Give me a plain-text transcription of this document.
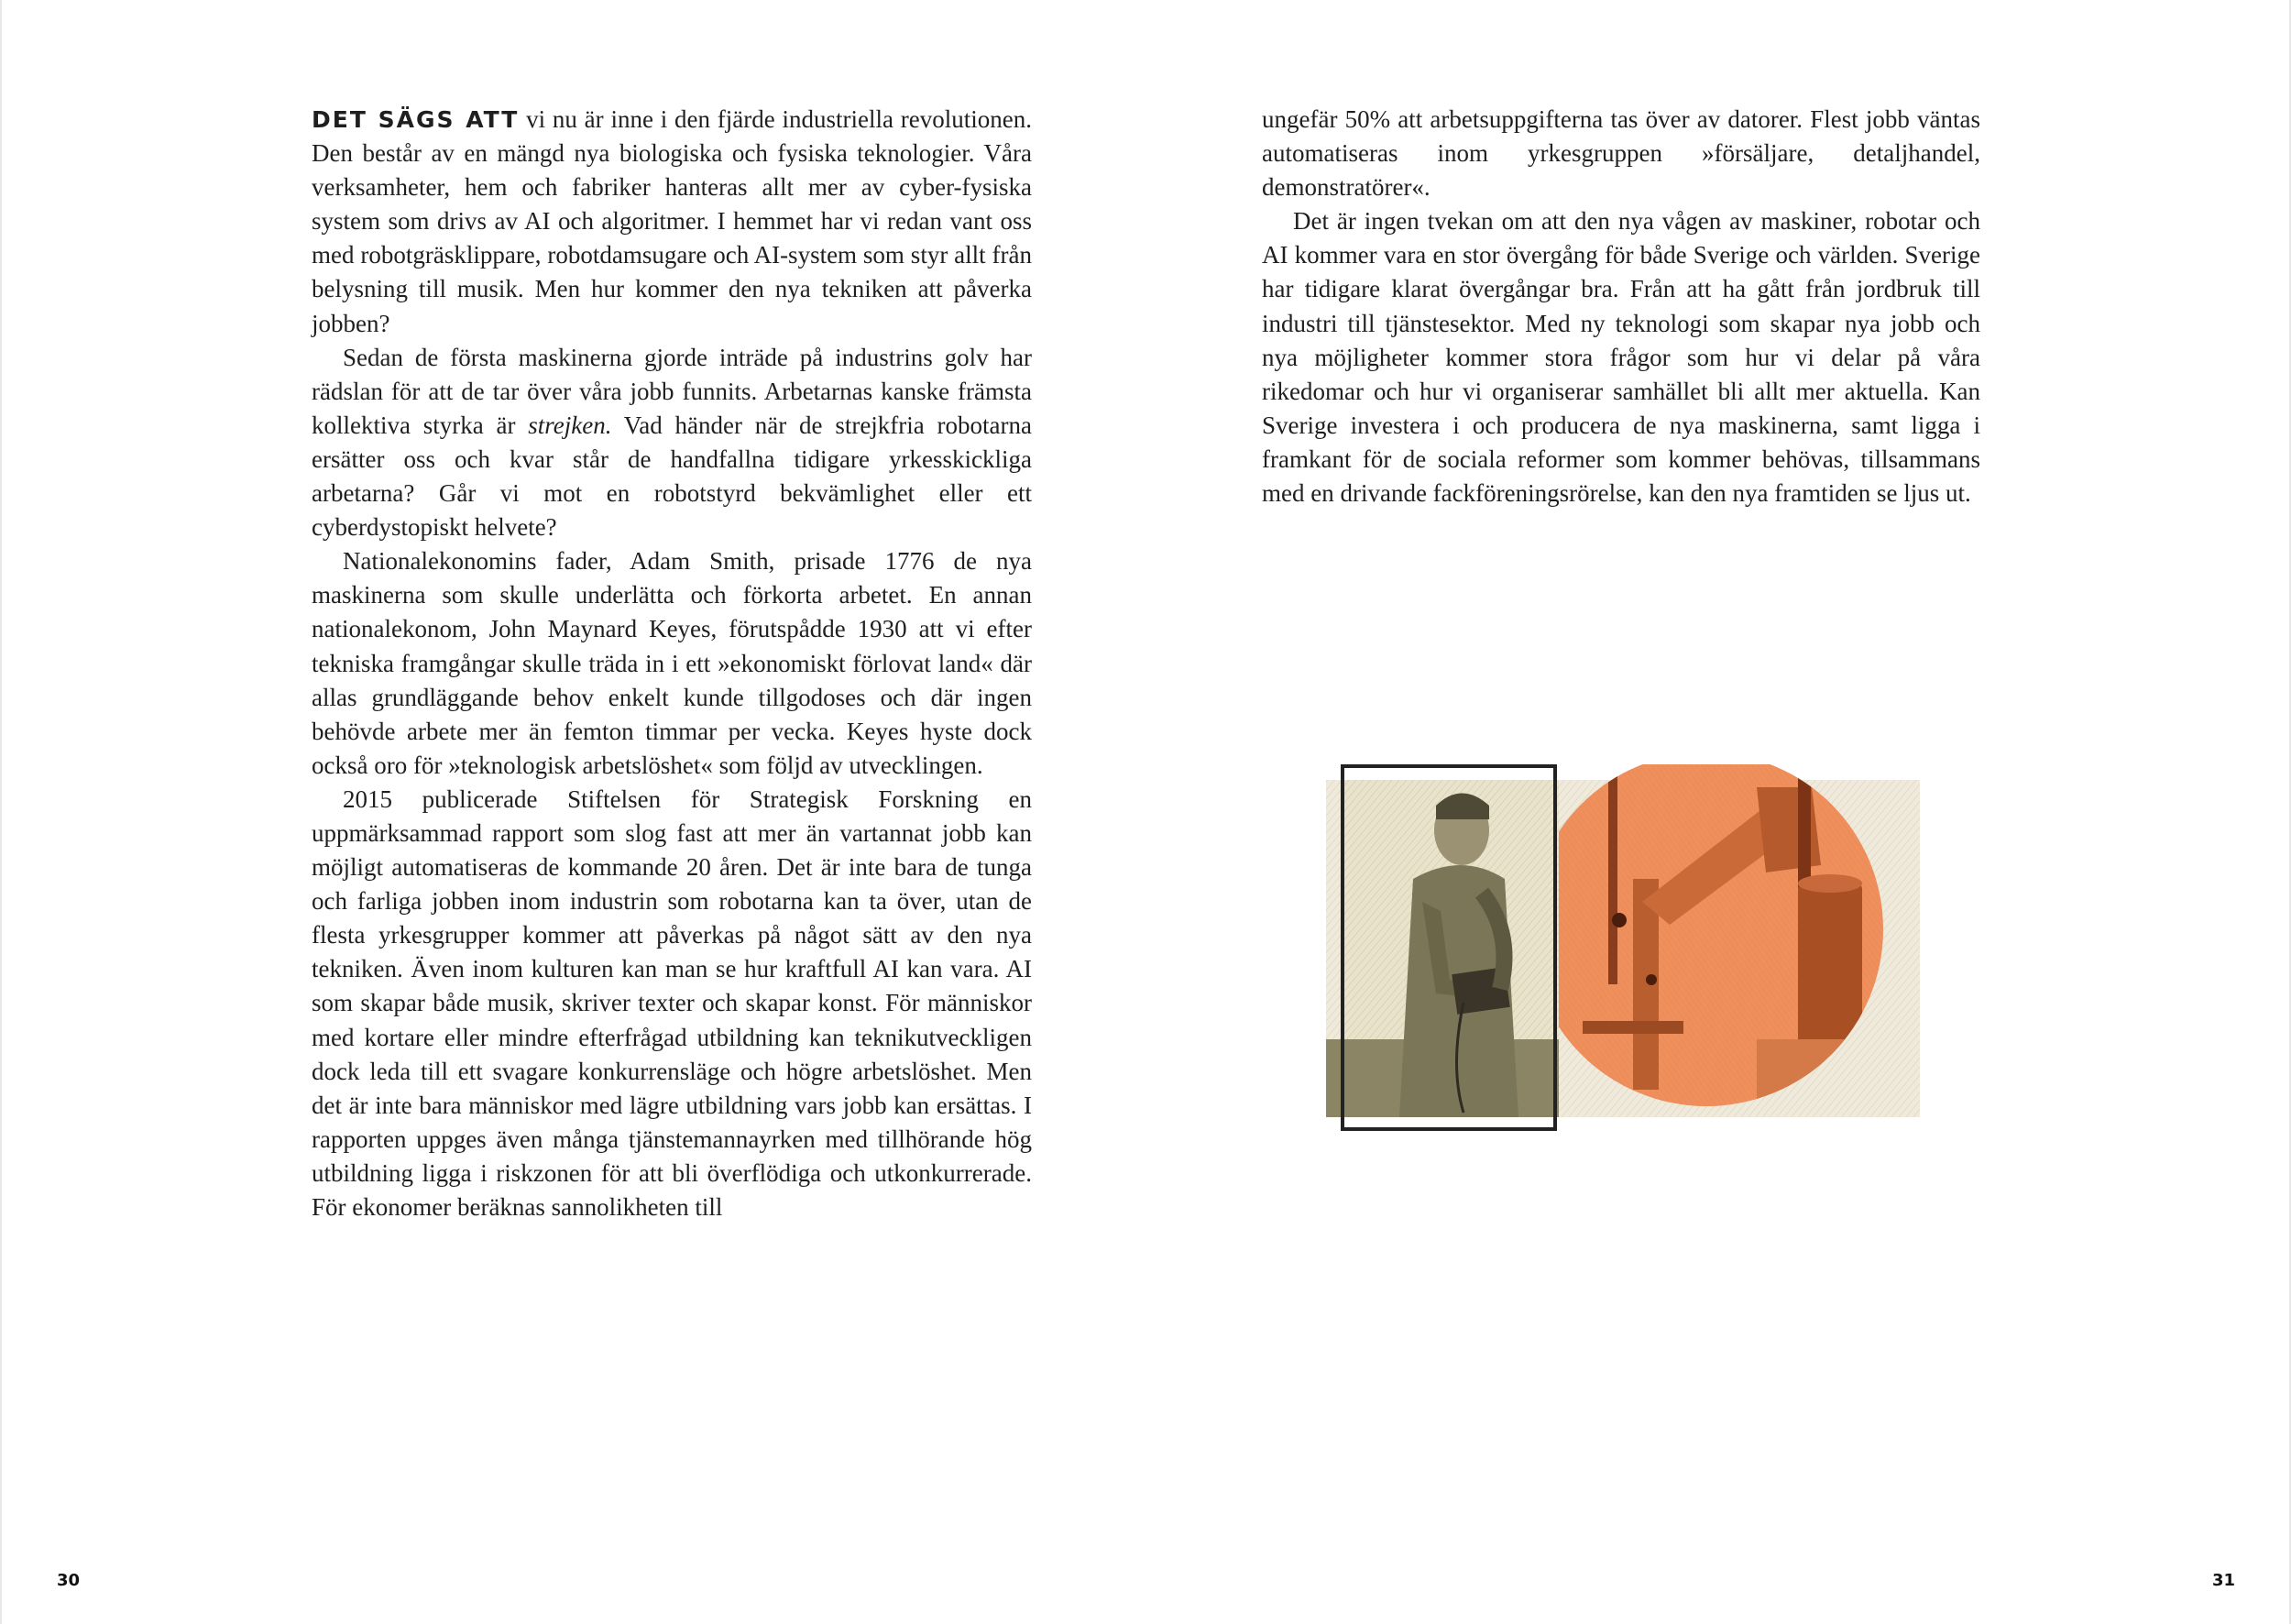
DET SÄGS ATT vi nu är inne i den fjärde industriella revolutionen. Den består av en mängd nya biologiska och fysiska teknologier. Våra verksamheter, hem och fabriker hanteras allt mer av cyber-fysiska system som drivs av AI och algoritmer. I hemmet har vi redan vant oss med robotgräsklippare, robotdamsugare och AI-system som styr allt från belysning till musik. Men hur kommer den nya tekniken att påverka jobben?

Sedan de första maskinerna gjorde inträde på industrins golv har rädslan för att de tar över våra jobb funnits. Arbetarnas kanske främsta kollektiva styrka är strejken. Vad händer när de strejkfria robotarna ersätter oss och kvar står de handfallna tidigare yrkesskickliga arbetarna? Går vi mot en robotstyrd bekvämlighet eller ett cyberdystopiskt helvete?

Nationalekonomins fader, Adam Smith, prisade 1776 de nya maskinerna som skulle underlätta och förkorta arbetet. En annan nationalekonom, John Maynard Keyes, förutspådde 1930 att vi efter tekniska framgångar skulle träda in i ett »ekonomiskt förlovat land« där allas grundläggande behov enkelt kunde tillgodoses och där ingen behövde arbete mer än femton timmar per vecka. Keyes hyste dock också oro för »teknologisk arbetslöshet« som följd av utvecklingen.

2015 publicerade Stiftelsen för Strategisk Forskning en uppmärksammad rapport som slog fast att mer än vartannat jobb kan möjligt automatiseras de kommande 20 åren. Det är inte bara de tunga och farliga jobben inom industrin som robotarna kan ta över, utan de flesta yrkesgrupper kommer att påverkas på något sätt av den nya tekniken. Även inom kulturen kan man se hur kraftfull AI kan vara. AI som skapar både musik, skriver texter och skapar konst. För människor med kortare eller mindre efterfrågad utbildning kan teknikutveckligen dock leda till ett svagare konkurrensläge och högre arbetslöshet. Men det är inte bara människor med lägre utbildning vars jobb kan ersättas. I rapporten uppges även många tjänstemannayrken med tillhörande hög utbildning ligga i riskzonen för att bli överflödiga och utkonkurrerade. För ekonomer beräknas sannolikheten till

ungefär 50% att arbetsuppgifterna tas över av datorer. Flest jobb väntas automatiseras inom yrkesgruppen »försäljare, detaljhandel, demonstratörer«.

Det är ingen tvekan om att den nya vågen av maskiner, robotar och AI kommer vara en stor övergång för både Sverige och världen. Sverige har tidigare klarat övergångar bra. Från att ha gått från jordbruk till industri till tjänstesektor. Med ny teknologi som skapar nya jobb och nya möjligheter kommer stora frågor som hur vi delar på våra rikedomar och hur vi organiserar samhället bli allt mer aktuella. Kan Sverige investera i och producera de nya maskinerna, samt ligga i framkant för de sociala reformer som kommer behövas, tillsammans med en drivande fackföreningsrörelse, kan den nya framtiden se ljus ut.

30	31
